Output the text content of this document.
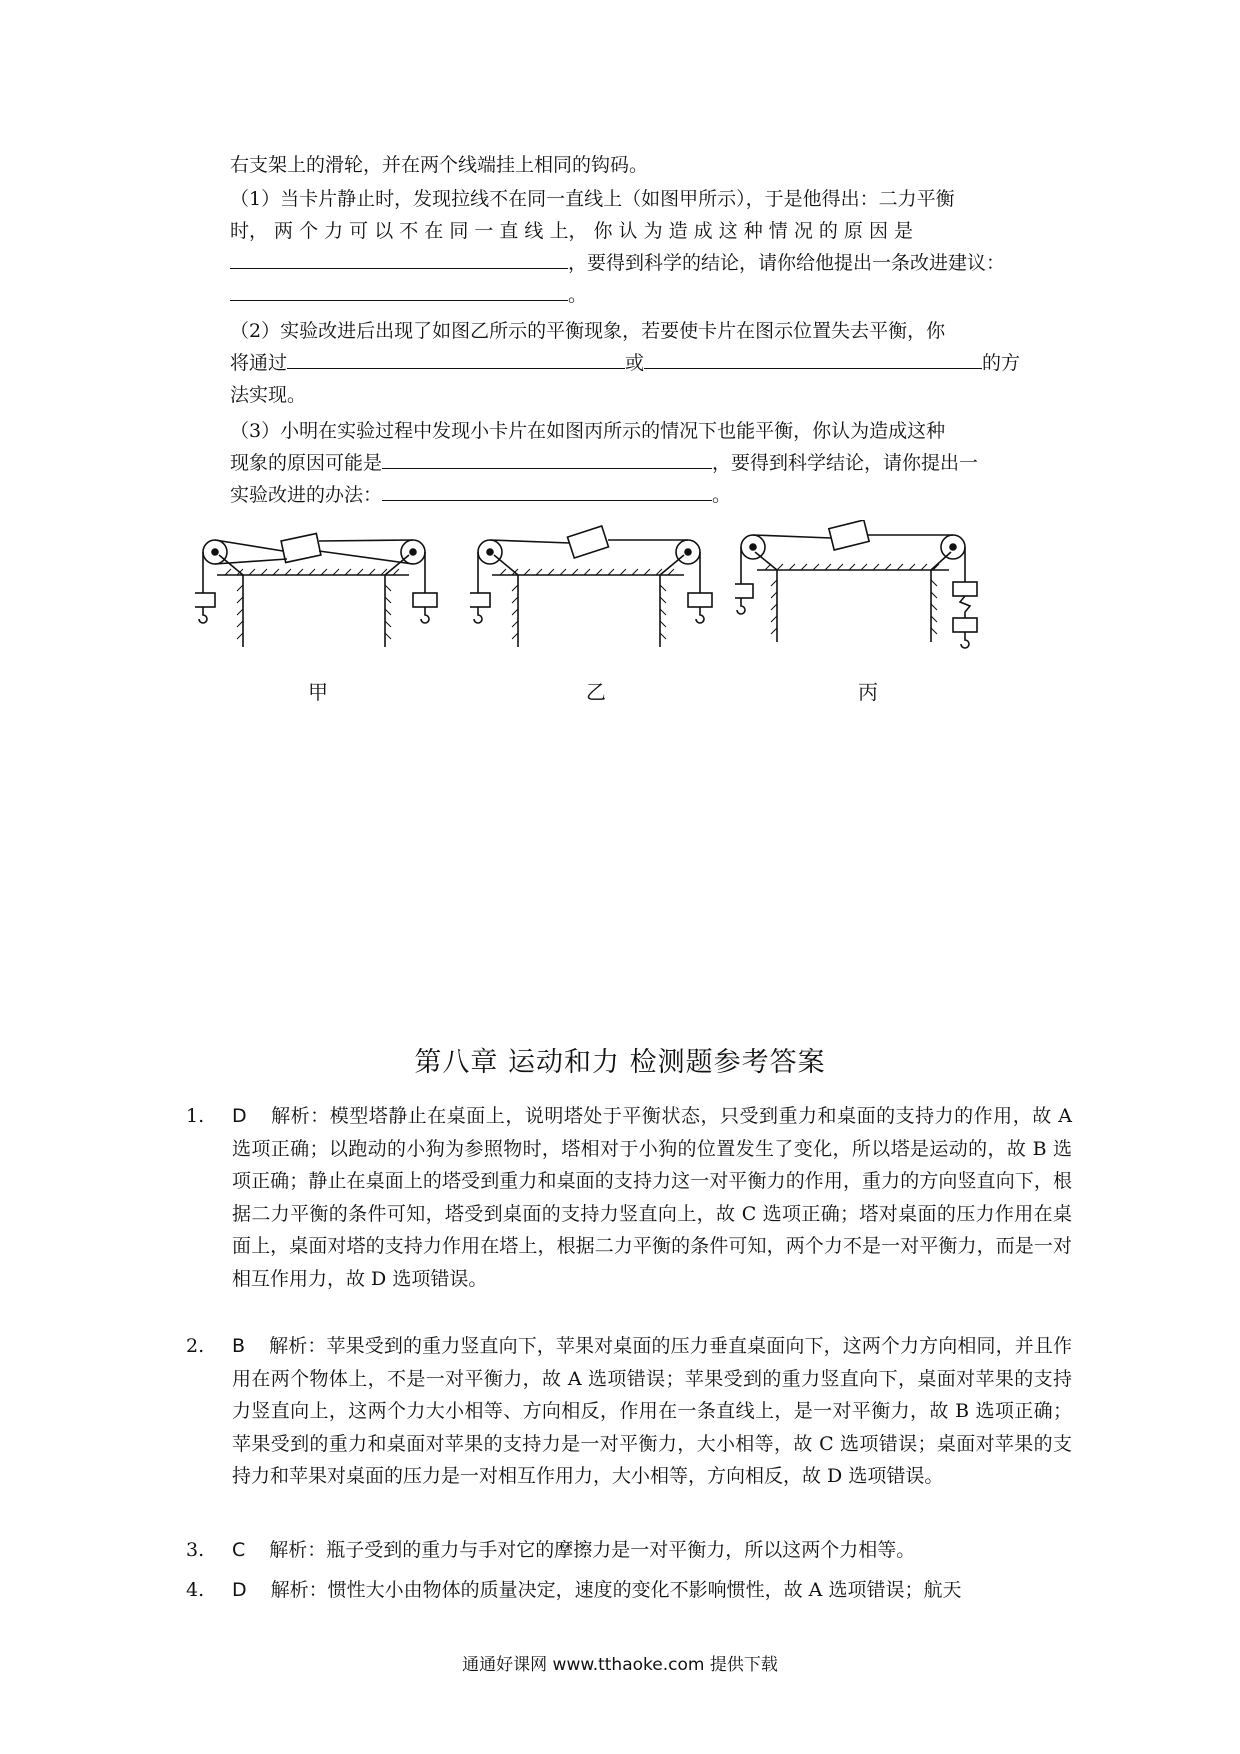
右支架上的滑轮，并在两个线端挂上相同的钩码。
（1）当卡片静止时，发现拉线不在同一直线上（如图甲所示），于是他得出：二力平衡
时， 两 个 力 可 以 不 在 同 一 直 线 上， 你 认 为 造 成 这 种 情 况 的 原 因 是
，要得到科学的结论，请你给他提出一条改进建议：
。
（2）实验改进后出现了如图乙所示的平衡现象，若要使卡片在图示位置失去平衡，你
将通过	或	的方
法实现。
（3）小明在实验过程中发现小卡片在如图丙所示的情况下也能平衡，你认为造成这种
现象的原因可能是	，要得到科学结论，请你提出一
实验改进的办法：	。
甲	乙	丙
第八章 运动和力 检测题参考答案
1.	D 解析：模型塔静止在桌面上，说明塔处于平衡状态，只受到重力和桌面的支持力的作用，故 A 选项正确；以跑动的小狗为参照物时，塔相对于小狗的位置发生了变化，所以塔是运动的，故 B 选项正确；静止在桌面上的塔受到重力和桌面的支持力这一对平衡力的作用，重力的方向竖直向下，根据二力平衡的条件可知，塔受到桌面的支持力竖直向上，故 C 选项正确；塔对桌面的压力作用在桌面上，桌面对塔的支持力作用在塔上，根据二力平衡的条件可知，两个力不是一对平衡力，而是一对相互作用力，故 D 选项错误。
2.	B 解析：苹果受到的重力竖直向下，苹果对桌面的压力垂直桌面向下，这两个力方向相同，并且作用在两个物体上，不是一对平衡力，故 A 选项错误；苹果受到的重力竖直向下，桌面对苹果的支持力竖直向上，这两个力大小相等、方向相反，作用在一条直线上，是一对平衡力，故 B 选项正确；苹果受到的重力和桌面对苹果的支持力是一对平衡力，大小相等，故 C 选项错误；桌面对苹果的支持力和苹果对桌面的压力是一对相互作用力，大小相等，方向相反，故 D 选项错误。
3.	C 解析：瓶子受到的重力与手对它的摩擦力是一对平衡力，所以这两个力相等。
4.	D 解析：惯性大小由物体的质量决定，速度的变化不影响惯性，故 A 选项错误；航天
通通好课网 www.tthaoke.com 提供下载
